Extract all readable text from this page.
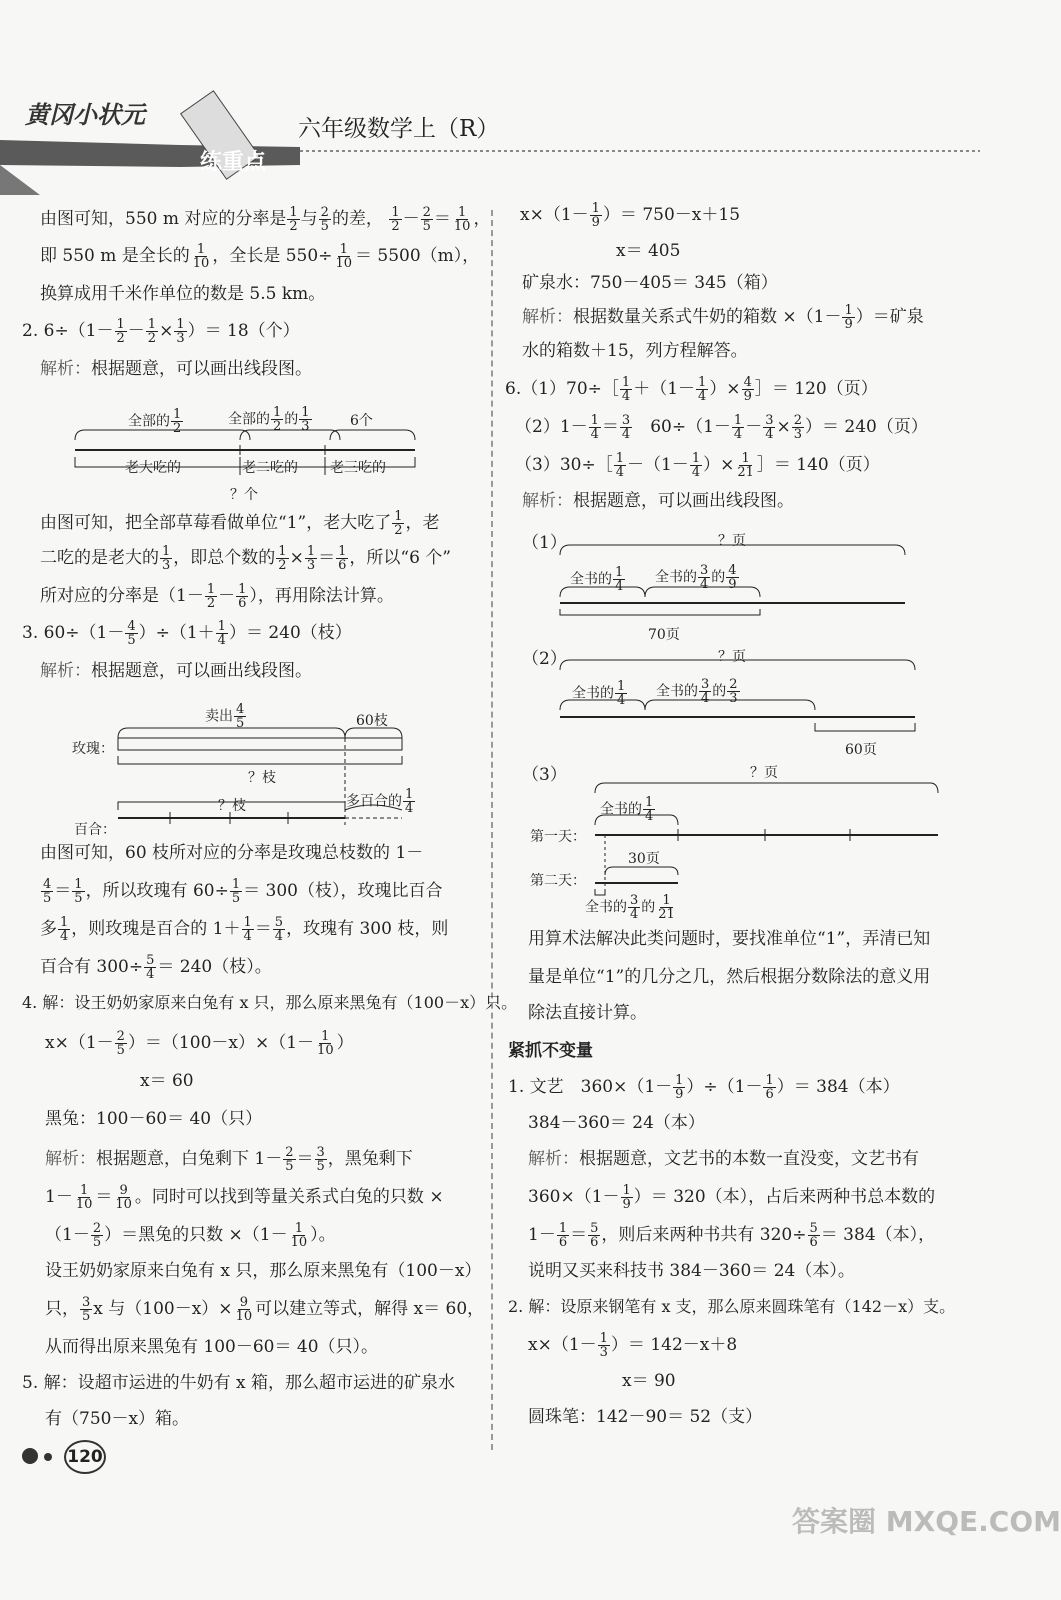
黄冈小状元
练重点
六年级数学上（R）
由图可知，550 m 对应的分率是 $\frac{1}{2}$ 与 $\frac{2}{5}$ 的差， $\frac{1}{2} - \frac{2}{5} = \frac{1}{10}$ ，
即 550 m 是全长的 $\frac{1}{10}$ ，全长是 $550\div \frac{1}{10} = 5500(m)$，
换算成用千米作单位的数是 5.5 km。
2. $6\div(1- \frac{1}{2} - \frac{1}{2} \times \frac{1}{3}$ ）＝ 18（个）
解析：根据题意，可以画出线段图。
全部的 $\frac{1}{2}$	全部的 $\frac{1}{2}$ 的 $\frac{1}{3}$	6个
老大吃的	老二吃的 老三吃的
？个
由图可知，把全部草莓看做单位“1”，老大吃了 $\frac{1}{2}$ ，老
二吃的是老大的 $\frac{1}{3}$ ，即总个数的 $\frac{1}{2} \times \frac{1}{3} = \frac{1}{6}$ ，所以“6 个”
所对应的分率是（$1- \frac{1}{2} - \frac{1}{6}$ ），再用除法计算。
3. $60\div(1- \frac{4}{5} )\div(1+ \frac{1}{4}$ ）＝ 240（枝）
解析：根据题意，可以画出线段图。
卖出 $\frac{4}{5}$	60枝
玫瑰：
？枝
？枝	多百合的 $\frac{1}{4}$
百合：
由图可知，60 枝所对应的分率是玫瑰总枝数的 1－
$\frac{4}{5} = \frac{1}{5}$ ，所以玫瑰有 $60\div \frac{1}{5} = 300$（枝），玫瑰比百合
多 $\frac{1}{4}$ ，则玫瑰是百合的 $1+ \frac{1}{4} = \frac{5}{4}$ ，玫瑰有 300 枝，则
百合有 $300\div \frac{5}{4} = 240$（枝）。
4. 解：设王奶奶家原来白兔有 x 只，那么原来黑兔有（100－x）只。
$x\times(1- \frac{2}{5} )=(100-x)\times(1- \frac{1}{10}$ ）
x＝ 60
黑兔：100－60＝ 40（只）
解析：根据题意，白兔剩下 $1- \frac{2}{5} = \frac{3}{5}$ ，黑兔剩下
$1- \frac{1}{10} = \frac{9}{10}$ 。同时可以找到等量关系式白兔的只数 ×
（$1- \frac{2}{5}$ ）＝黑兔的只数 $\times(1- \frac{1}{10}$ ）。
设王奶奶家原来白兔有 x 只，那么原来黑兔有（100－x）
只， $\frac{3}{5}$ x 与$(100-x)\times \frac{9}{10}$ 可以建立等式，解得 x＝ 60，
从而得出原来黑兔有 100－60＝ 40（只）。
5. 解：设超市运进的牛奶有 x 箱，那么超市运进的矿泉水
有（750－x）箱。
120
$x\times(1- \frac{1}{9}$ ）＝ 750－x＋15
x＝ 405
矿泉水：750－405＝ 345（箱）
解析：根据数量关系式牛奶的箱数 $\times(1- \frac{1}{9}$ ）＝矿泉
水的箱数＋15，列方程解答。
6.（1）70÷［ $\frac{1}{4} +(1- \frac{1}{4}$ ）× $\frac{4}{9}$ ］＝ 120（页）
$(2)1- \frac{1}{4} = \frac{3}{4}$
　 $60\div(1- \frac{1}{4} - \frac{3}{4} \times \frac{2}{3}$ ）＝ 240（页）
（3）30÷［ $\frac{1}{4} -(1- \frac{1}{4}$ ）× $\frac{1}{21}$ ］＝ 140（页）
解析：根据题意，可以画出线段图。
（1）	？页
全书的 $\frac{1}{4}$ 全书的 $\frac{3}{4}$ 的 $\frac{4}{9}$
70页
（2）	？页
全书的 $\frac{1}{4}$ 全书的 $\frac{3}{4}$ 的 $\frac{2}{3}$
60页
（3）	？页
全书的 $\frac{1}{4}$
第一天：
30页
第二天：
全书的 $\frac{3}{4}$ 的 $\frac{1}{21}$
用算术法解决此类问题时，要找准单位“1”，弄清已知
量是单位“1”的几分之几，然后根据分数除法的意义用
除法直接计算。
紧抓不变量
1. 文艺　$360\times(1- \frac{1}{9} )\div(1- \frac{1}{6}$ ）＝ 384（本）
384－360＝ 24（本）
解析：根据题意，文艺书的本数一直没变，文艺书有
$360\times(1- \frac{1}{9}$ ）＝ 320（本），占后来两种书总本数的
$1- \frac{1}{6} = \frac{5}{6}$ ，则后来两种书共有 $320\div \frac{5}{6} = 384$（本），
说明又买来科技书 384－360＝ 24（本）。
2. 解：设原来钢笔有 x 支，那么原来圆珠笔有（142－x）支。
$x\times(1- \frac{1}{3}$ ）＝ 142－x＋8
x＝ 90
圆珠笔：142－90＝ 52（支）
答案圈 MXQE.COM
